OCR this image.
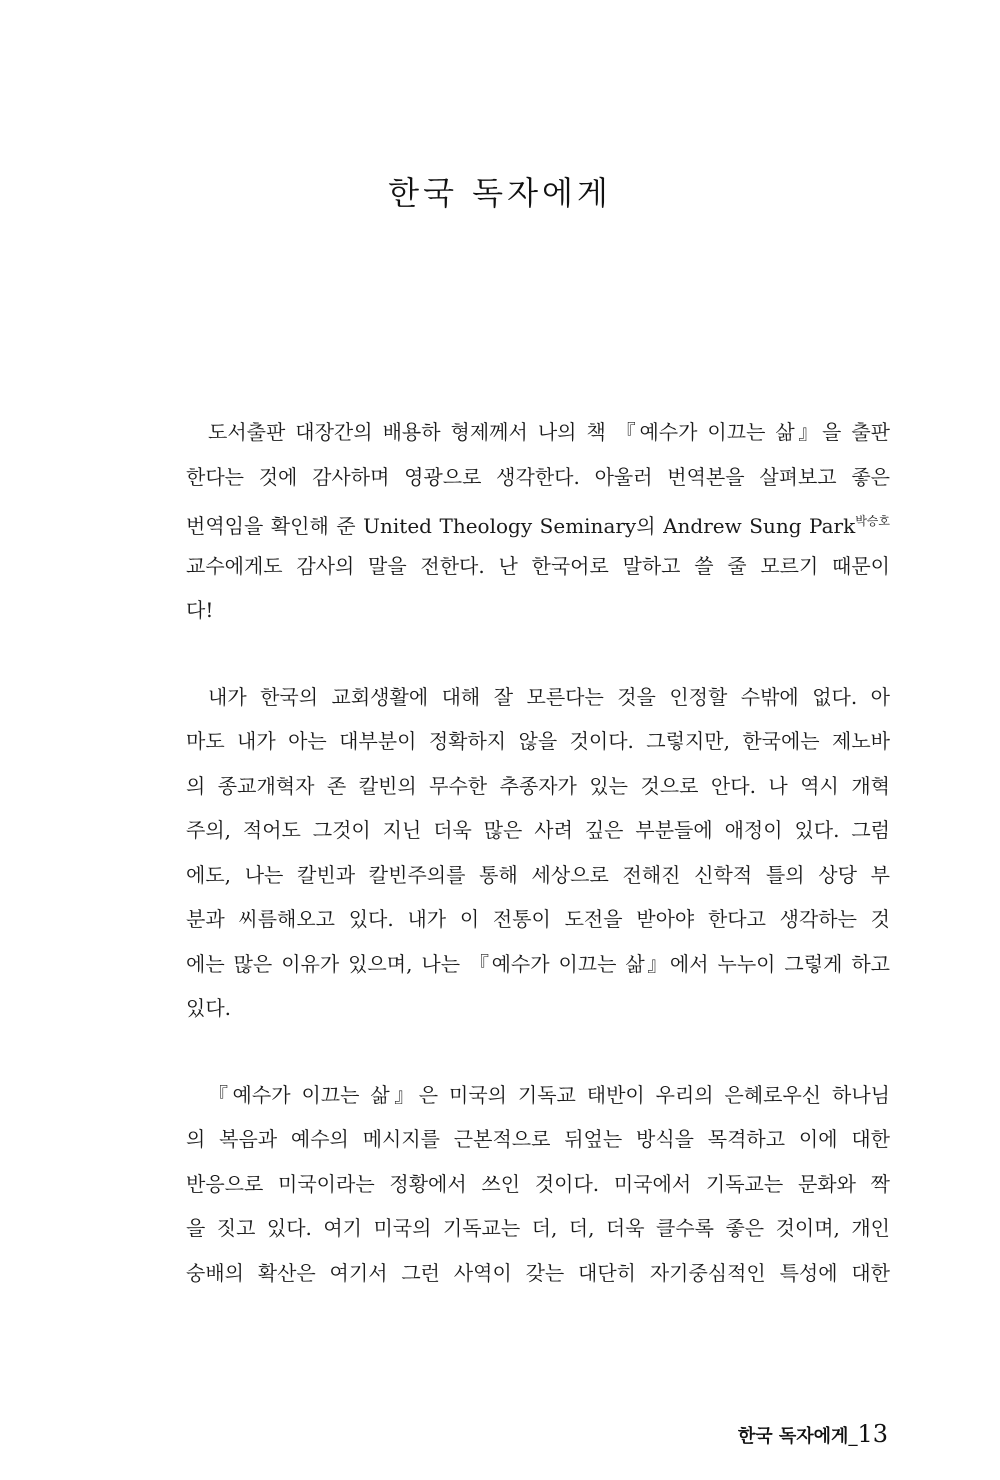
한국 독자에게

도서출판 대장간의 배용하 형제께서 나의 책 『예수가 이끄는 삶』을 출판
한다는 것에 감사하며 영광으로 생각한다. 아울러 번역본을 살펴보고 좋은
번역임을 확인해 준 United Theology Seminary의 Andrew Sung Park$^{박승호}$
교수에게도 감사의 말을 전한다. 난 한국어로 말하고 쓸 줄 모르기 때문이
다!

내가 한국의 교회생활에 대해 잘 모른다는 것을 인정할 수밖에 없다. 아
마도 내가 아는 대부분이 정확하지 않을 것이다. 그렇지만, 한국에는 제노바
의 종교개혁자 존 칼빈의 무수한 추종자가 있는 것으로 안다. 나 역시 개혁
주의, 적어도 그것이 지닌 더욱 많은 사려 깊은 부분들에 애정이 있다. 그럼
에도, 나는 칼빈과 칼빈주의를 통해 세상으로 전해진 신학적 틀의 상당 부
분과 씨름해오고 있다. 내가 이 전통이 도전을 받아야 한다고 생각하는 것
에는 많은 이유가 있으며, 나는 『예수가 이끄는 삶』에서 누누이 그렇게 하고
있다.

『예수가 이끄는 삶』은 미국의 기독교 태반이 우리의 은혜로우신 하나님
의 복음과 예수의 메시지를 근본적으로 뒤엎는 방식을 목격하고 이에 대한
반응으로 미국이라는 정황에서 쓰인 것이다. 미국에서 기독교는 문화와 짝
을 짓고 있다. 여기 미국의 기독교는 더, 더, 더욱 클수록 좋은 것이며, 개인
숭배의 확산은 여기서 그런 사역이 갖는 대단히 자기중심적인 특성에 대한

한국 독자에게_13
